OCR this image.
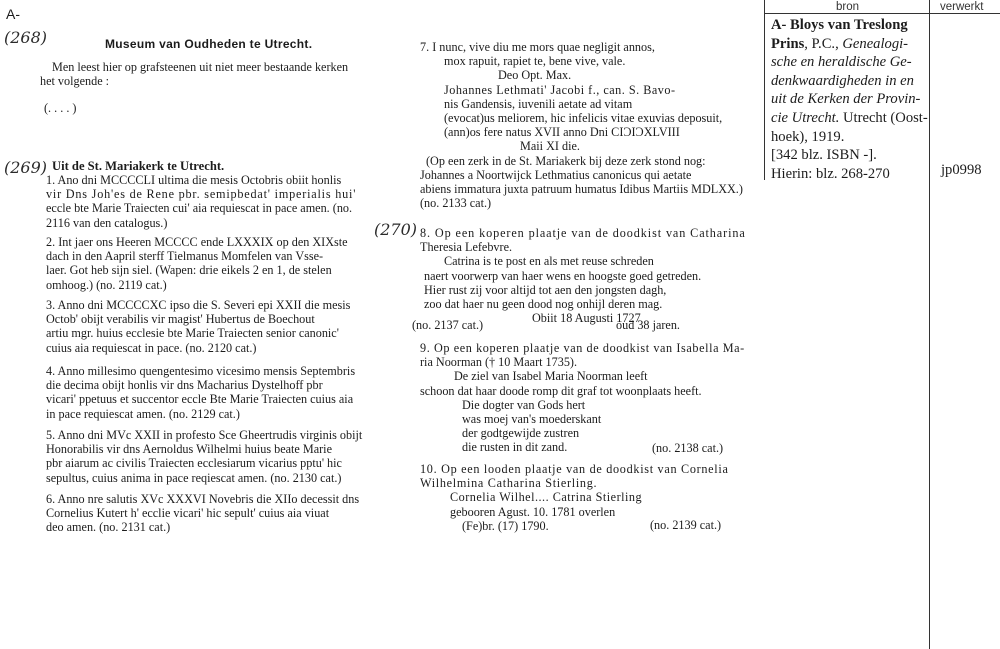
A-
(268)
(269)
(270)
Museum van Oudheden te Utrecht.
Men leest hier op grafsteenen uit niet meer bestaande kerken
het volgende :
(. . . . )
Uit de St. Mariakerk te Utrecht.
1. Ano dni MCCCCLI ultima die mesis Octobris obiit honlis
vir Dns Joh'es de Rene pbr. semipbedat' imperialis hui'
eccle bte Marie Traiecten cui' aia requiescat in pace amen. (no.
2116 van den catalogus.)
2. Int jaer ons Heeren MCCCC ende LXXXIX op den XIXste
dach in den Aapril sterff Tielmanus Momfelen van Vsse-
laer. Got heb sijn siel. (Wapen: drie eikels 2 en 1, de stelen
omhoog.) (no. 2119 cat.)
3. Anno dni MCCCCXC ipso die S. Severi epi XXII die mesis
Octob' obijt verabilis vir magist' Hubertus de Boechout
artiu mgr. huius ecclesie bte Marie Traiecten senior canonic'
cuius aia requiescat in pace. (no. 2120 cat.)
4. Anno millesimo quengentesimo vicesimo mensis Septembris
die decima obijt honlis vir dns Macharius Dystelhoff pbr
vicari' ppetuus et succentor eccle Bte Marie Traiecten cuius aia
in pace requiescat amen. (no. 2129 cat.)
5. Anno dni MVc XXII in profesto Sce Gheertrudis virginis obijt
Honorabilis vir dns Aernoldus Wilhelmi huius beate Marie
pbr aiarum ac civilis Traiecten ecclesiarum vicarius pptu' hic
sepultus, cuius anima in pace reqiescat amen. (no. 2130 cat.)
6. Anno nre salutis XVc XXXVI Novebris die XIIo decessit dns
Cornelius Kutert h' ecclie vicari' hic sepult' cuius aia viuat
deo amen. (no. 2131 cat.)
7. I nunc, vive diu me mors quae negligit annos,
mox rapuit, rapiet te, bene vive, vale.
Deo Opt. Max.
Johannes Lethmati' Jacobi f., can. S. Bavo-
nis Gandensis, iuvenili aetate ad vitam
(evocat)us meliorem, hic infelicis vitae exuvias deposuit,
(ann)os fere natus XVII anno Dni CIƆIƆXLVIII
Maii XI die.
(Op een zerk in de St. Mariakerk bij deze zerk stond nog:
Johannes a Noortwijck Lethmatius canonicus qui aetate
abiens immatura juxta patruum humatus Idibus Martiis MDLXX.)
(no. 2133 cat.)
8. Op een koperen plaatje van de doodkist van Catharina
Theresia Lefebvre.
Catrina is te post en als met reuse schreden
naert voorwerp van haer wens en hoogste goed getreden.
Hier rust zij voor altijd tot aen den jongsten dagh,
zoo dat haer nu geen dood nog onhijl deren mag.
Obiit 18 Augusti 1727
(no. 2137 cat.)	oud 38 jaren.
9. Op een koperen plaatje van de doodkist van Isabella Ma-
ria Noorman († 10 Maart 1735).
De ziel van Isabel Maria Noorman leeft
schoon dat haar doode romp dit graf tot woonplaats heeft.
Die dogter van Gods hert
was moej van's moederskant
der godtgewijde zustren
die rusten in dit zand.	(no. 2138 cat.)
10. Op een looden plaatje van de doodkist van Cornelia
Wilhelmina Catharina Stierling.
Cornelia Wilhel.... Catrina Stierling
gebooren Agust. 10. 1781 overlen
(Fe)br. (17) 1790.	(no. 2139 cat.)
bron	verwerkt
A- Bloys van Treslong
Prins, P.C., Genealogi-
sche en heraldische Ge-
denkwaardigheden in en
uit de Kerken der Provin-
cie Utrecht. Utrecht (Oost-
hoek), 1919.
[342 blz. ISBN -].
Hierin: blz. 268-270	jp0998
